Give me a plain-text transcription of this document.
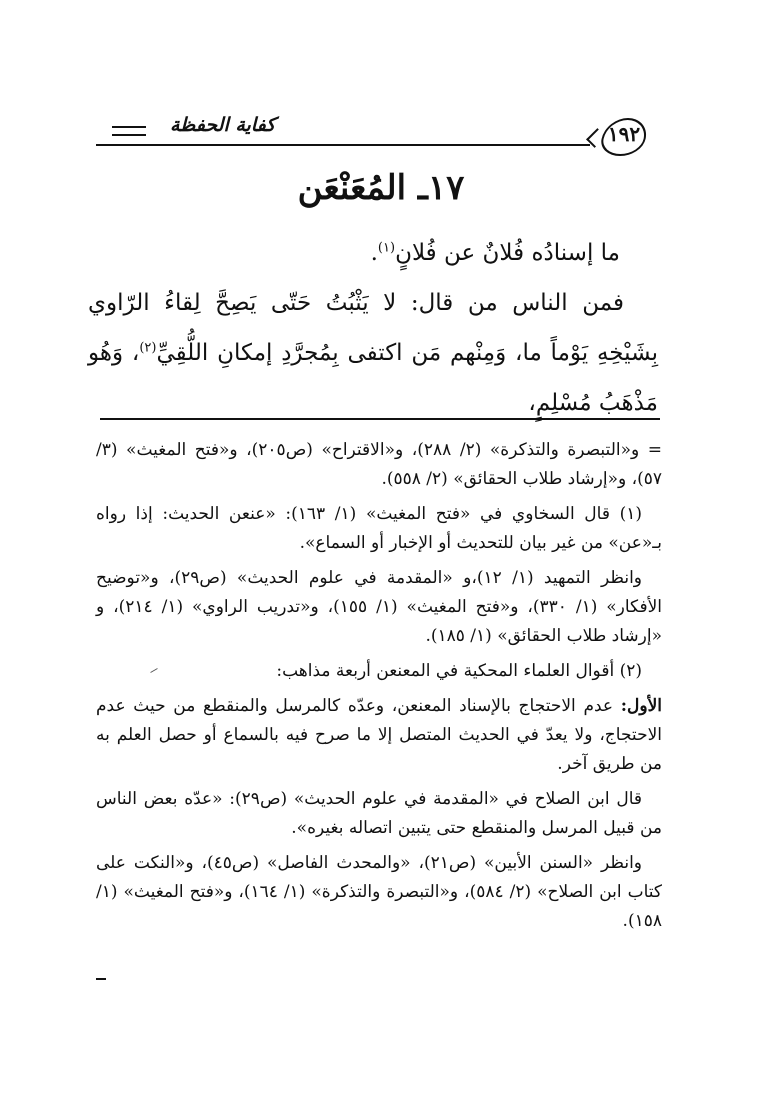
١٩٢
كفاية الحفظة
١٧ـ المُعَنْعَن

ما إسنادُه فُلانٌ عن فُلانٍ$^{(١)}$.

فمن الناس من قال: لا يَثْبُتُ حَتّى يَصِحَّ لِقاءُ الرّاوي بِشَيْخِهِ يَوْماً ما، وَمِنْهم مَن اكتفى بِمُجرَّدِ إمكانِ اللُّقِيِّ$^{(٢)}$، وَهُو مَذْهَبُ مُسْلِمٍ،

= و«التبصرة والتذكرة» (٢/ ٢٨٨)، و«الاقتراح» (ص٢٠٥)، و«فتح المغيث» (٣/ ٥٧)، و«إرشاد طلاب الحقائق» (٢/ ٥٥٨).

(١) قال السخاوي في «فتح المغيث» (١/ ١٦٣): «عنعن الحديث: إذا رواه بـ«عن» من غير بيان للتحديث أو الإخبار أو السماع».

وانظر التمهيد (١/ ١٢)،و «المقدمة في علوم الحديث» (ص٢٩)، و«توضيح الأفكار» (١/ ٣٣٠)، و«فتح المغيث» (١/ ١٥٥)، و«تدريب الراوي» (١/ ٢١٤)، و «إرشاد طلاب الحقائق» (١/ ١٨٥).

(٢) أقوال العلماء المحكية في المعنعن أربعة مذاهب:

الأول: عدم الاحتجاج بالإسناد المعنعن، وعدّه كالمرسل والمنقطع من حيث عدم الاحتجاج، ولا يعدّ في الحديث المتصل إلا ما صرح فيه بالسماع أو حصل العلم به من طريق آخر.

قال ابن الصلاح في «المقدمة في علوم الحديث» (ص٢٩): «عدّه بعض الناس من قبيل المرسل والمنقطع حتى يتبين اتصاله بغيره».

وانظر «السنن الأبين» (ص٢١)، «والمحدث الفاصل» (ص٤٥)، و«النكت على كتاب ابن الصلاح» (٢/ ٥٨٤)، و«التبصرة والتذكرة» (١/ ١٦٤)، و«فتح المغيث» (١/ ١٥٨).
